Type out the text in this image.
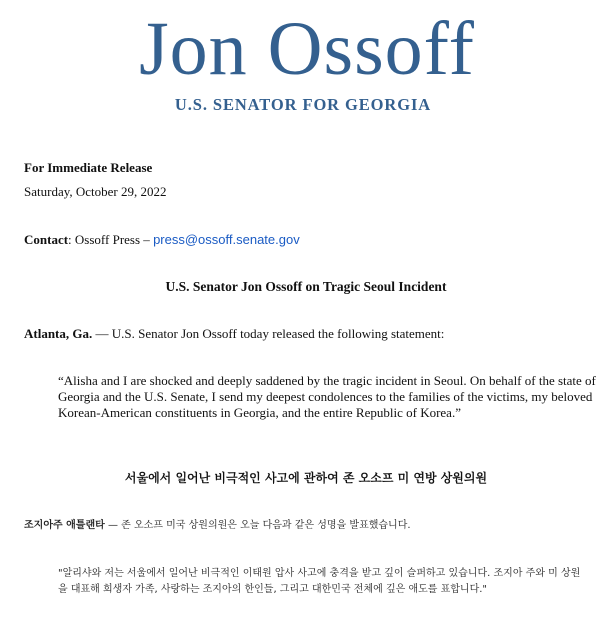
Jon Ossoff
U.S. SENATOR FOR GEORGIA
For Immediate Release
Saturday, October 29, 2022
Contact: Ossoff Press – press@ossoff.senate.gov
U.S. Senator Jon Ossoff on Tragic Seoul Incident
Atlanta, Ga. — U.S. Senator Jon Ossoff today released the following statement:
“Alisha and I are shocked and deeply saddened by the tragic incident in Seoul. On behalf of the state of
Georgia and the U.S. Senate, I send my deepest condolences to the families of the victims, my beloved
Korean-American constituents in Georgia, and the entire Republic of Korea.”
서울에서 일어난 비극적인 사고에 관하여 존 오소프 미 연방 상원의원
조지아주 애틀랜타 — 존 오소프 미국 상원의원은 오늘 다음과 같은 성명을 발표했습니다.
"알리샤와 저는 서울에서 일어난 비극적인 이태원 압사 사고에 충격을 받고 깊이 슬퍼하고 있습니다. 조지아 주와 미 상원
을 대표해 희생자 가족, 사랑하는 조지아의 한인들, 그리고 대한민국 전체에 깊은 애도를 표합니다."
